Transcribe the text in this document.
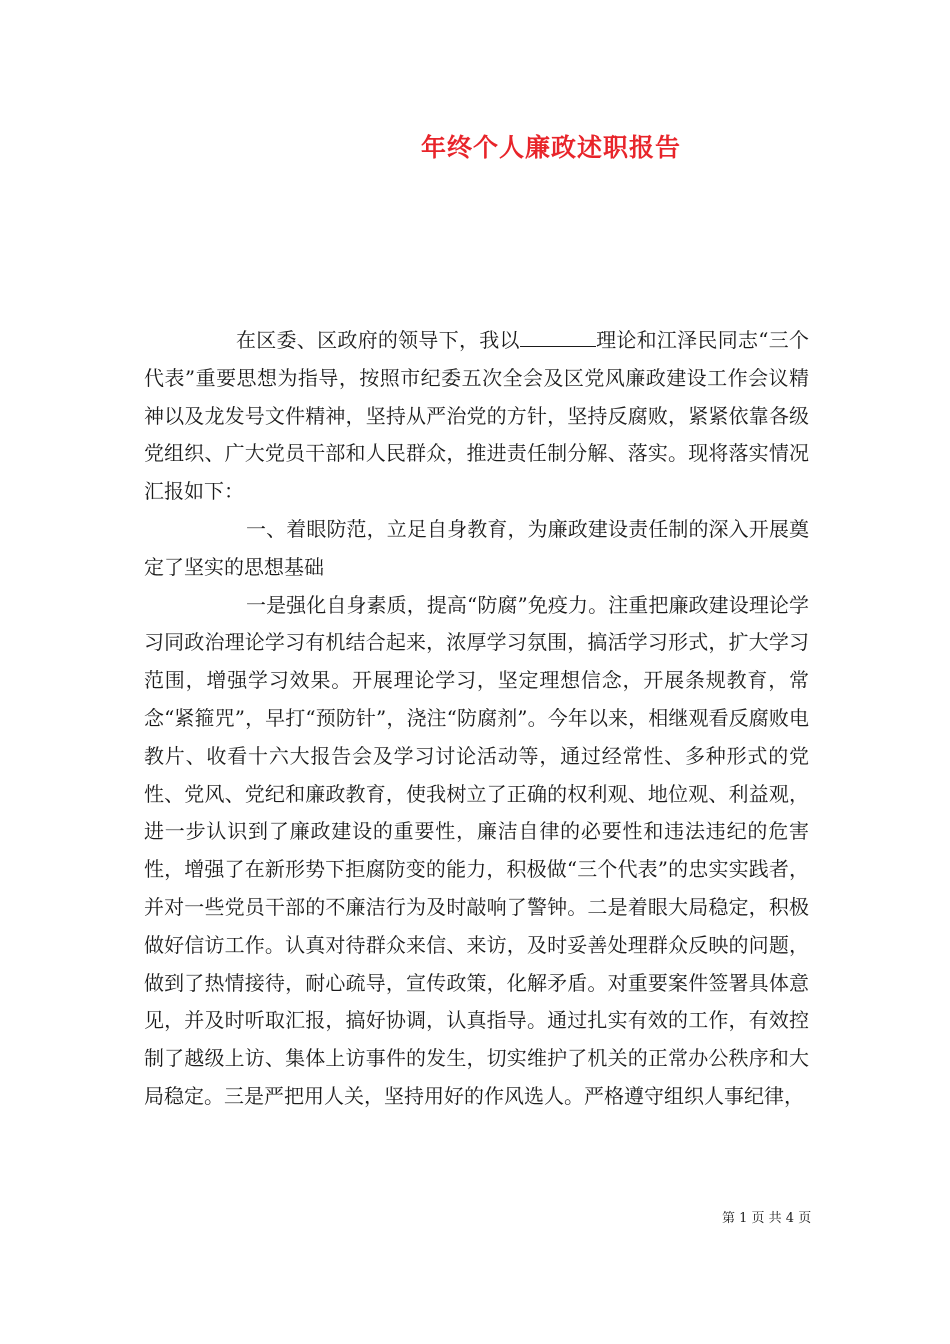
年终个人廉政述职报告

在区委、区政府的领导下，我以	理论和江泽民同志“三个代表”重要思想为指导，按照市纪委五次全会及区党风廉政建设工作会议精神以及龙发号文件精神，坚持从严治党的方针，坚持反腐败，紧紧依靠各级党组织、广大党员干部和人民群众，推进责任制分解、落实。现将落实情况汇报如下：

一、着眼防范，立足自身教育，为廉政建设责任制的深入开展奠定了坚实的思想基础

一是强化自身素质，提高“防腐”免疫力。注重把廉政建设理论学习同政治理论学习有机结合起来，浓厚学习氛围，搞活学习形式，扩大学习范围，增强学习效果。开展理论学习，坚定理想信念，开展条规教育，常念“紧箍咒”，早打“预防针”，浇注“防腐剂”。今年以来，相继观看反腐败电教片、收看十六大报告会及学习讨论活动等，通过经常性、多种形式的党性、党风、党纪和廉政教育，使我树立了正确的权利观、地位观、利益观，进一步认识到了廉政建设的重要性，廉洁自律的必要性和违法违纪的危害性，增强了在新形势下拒腐防变的能力，积极做“三个代表”的忠实实践者，并对一些党员干部的不廉洁行为及时敲响了警钟。二是着眼大局稳定，积极做好信访工作。认真对待群众来信、来访，及时妥善处理群众反映的问题，做到了热情接待，耐心疏导，宣传政策，化解矛盾。对重要案件签署具体意见，并及时听取汇报，搞好协调，认真指导。通过扎实有效的工作，有效控制了越级上访、集体上访事件的发生，切实维护了机关的正常办公秩序和大局稳定。三是严把用人关，坚持用好的作风选人。严格遵守组织人事纪律，

第 1 页 共 4 页
